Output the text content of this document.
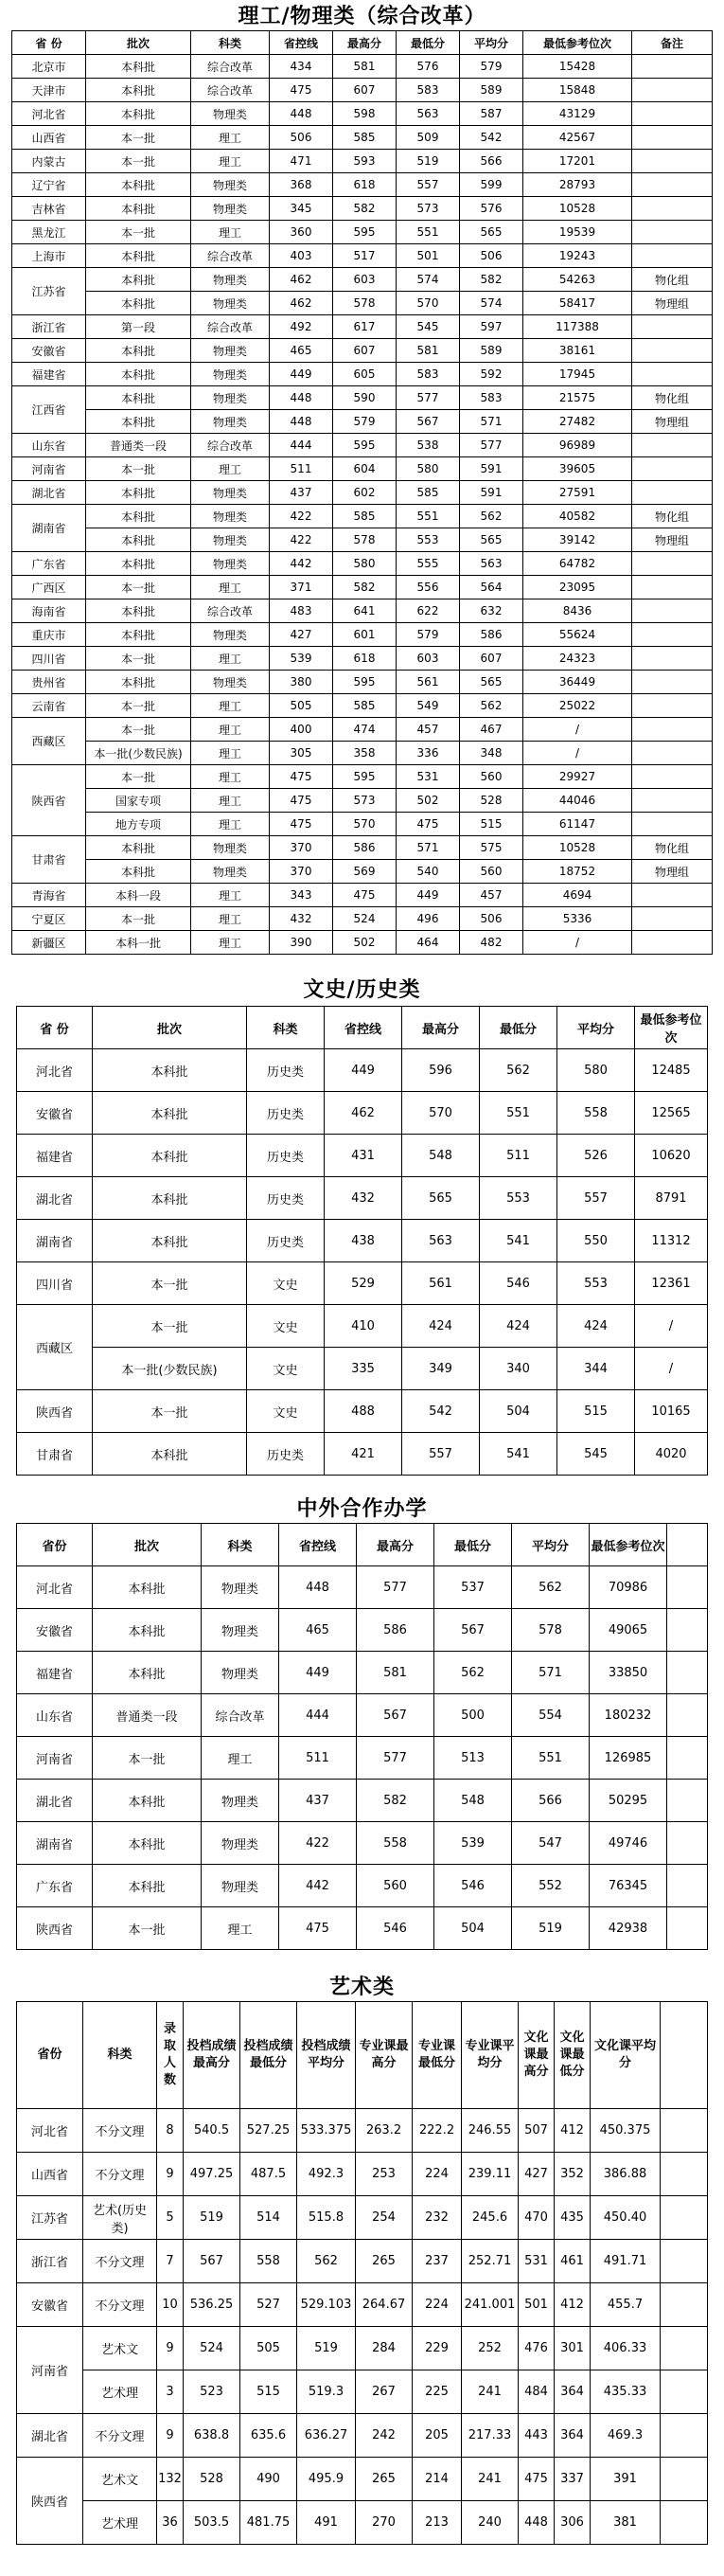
理工/物理类（综合改革）
省 份	批次	科类	省控线	最高分	最低分	平均分	最低参考位次	备注
北京市	本科批	综合改革	434	581	576	579	15428	
天津市	本科批	综合改革	475	607	583	589	15848	
河北省	本科批	物理类	448	598	563	587	43129	
山西省	本一批	理工	506	585	509	542	42567	
内蒙古	本一批	理工	471	593	519	566	17201	
辽宁省	本科批	物理类	368	618	557	599	28793	
吉林省	本科批	物理类	345	582	573	576	10528	
黑龙江	本一批	理工	360	595	551	565	19539	
上海市	本科批	综合改革	403	517	501	506	19243	
江苏省	本科批	物理类	462	603	574	582	54263	物化组
	本科批	物理类	462	578	570	574	58417	物理组
浙江省	第一段	综合改革	492	617	545	597	117388	
安徽省	本科批	物理类	465	607	581	589	38161	
福建省	本科批	物理类	449	605	583	592	17945	
江西省	本科批	物理类	448	590	577	583	21575	物化组
	本科批	物理类	448	579	567	571	27482	物理组
山东省	普通类一段	综合改革	444	595	538	577	96989	
河南省	本一批	理工	511	604	580	591	39605	
湖北省	本科批	物理类	437	602	585	591	27591	
湖南省	本科批	物理类	422	585	551	562	40582	物化组
	本科批	物理类	422	578	553	565	39142	物理组
广东省	本科批	物理类	442	580	555	563	64782	
广西区	本一批	理工	371	582	556	564	23095	
海南省	本科批	综合改革	483	641	622	632	8436	
重庆市	本科批	物理类	427	601	579	586	55624	
四川省	本一批	理工	539	618	603	607	24323	
贵州省	本科批	物理类	380	595	561	565	36449	
云南省	本一批	理工	505	585	549	562	25022	
西藏区	本一批	理工	400	474	457	467	/	
	本一批(少数民族)	理工	305	358	336	348	/	
陕西省	本一批	理工	475	595	531	560	29927	
	国家专项	理工	475	573	502	528	44046	
	地方专项	理工	475	570	475	515	61147	
甘肃省	本科批	物理类	370	586	571	575	10528	物化组
	本科批	物理类	370	569	540	560	18752	物理组
青海省	本科一段	理工	343	475	449	457	4694	
宁夏区	本一批	理工	432	524	496	506	5336	
新疆区	本科一批	理工	390	502	464	482	/	
文史/历史类
省 份	批次	科类	省控线	最高分	最低分	平均分	最低参考位次
河北省	本科批	历史类	449	596	562	580	12485
安徽省	本科批	历史类	462	570	551	558	12565
福建省	本科批	历史类	431	548	511	526	10620
湖北省	本科批	历史类	432	565	553	557	8791
湖南省	本科批	历史类	438	563	541	550	11312
四川省	本一批	文史	529	561	546	553	12361
西藏区	本一批	文史	410	424	424	424	/
	本一批(少数民族)	文史	335	349	340	344	/
陕西省	本一批	文史	488	542	504	515	10165
甘肃省	本科批	历史类	421	557	541	545	4020
中外合作办学
省份	批次	科类	省控线	最高分	最低分	平均分	最低参考位次	
河北省	本科批	物理类	448	577	537	562	70986	
安徽省	本科批	物理类	465	586	567	578	49065	
福建省	本科批	物理类	449	581	562	571	33850	
山东省	普通类一段	综合改革	444	567	500	554	180232	
河南省	本一批	理工	511	577	513	551	126985	
湖北省	本科批	物理类	437	582	548	566	50295	
湖南省	本科批	物理类	422	558	539	547	49746	
广东省	本科批	物理类	442	560	546	552	76345	
陕西省	本一批	理工	475	546	504	519	42938	
艺术类
省份	科类	录取人数	投档成绩最高分	投档成绩最低分	投档成绩平均分	专业课最高分	专业课最低分	专业课平均分	文化课最高分	文化课最低分	文化课平均分	
河北省	不分文理	8	540.5	527.25	533.375	263.2	222.2	246.55	507	412	450.375	
山西省	不分文理	9	497.25	487.5	492.3	253	224	239.11	427	352	386.88	
江苏省	艺术(历史类)	5	519	514	515.8	254	232	245.6	470	435	450.40	
浙江省	不分文理	7	567	558	562	265	237	252.71	531	461	491.71	
安徽省	不分文理	10	536.25	527	529.103	264.67	224	241.001	501	412	455.7	
河南省	艺术文	9	524	505	519	284	229	252	476	301	406.33	
	艺术理	3	523	515	519.3	267	225	241	484	364	435.33	
湖北省	不分文理	9	638.8	635.6	636.27	242	205	217.33	443	364	469.3	
陕西省	艺术文	132	528	490	495.9	265	214	241	475	337	391	
	艺术理	36	503.5	481.75	491	270	213	240	448	306	381	
